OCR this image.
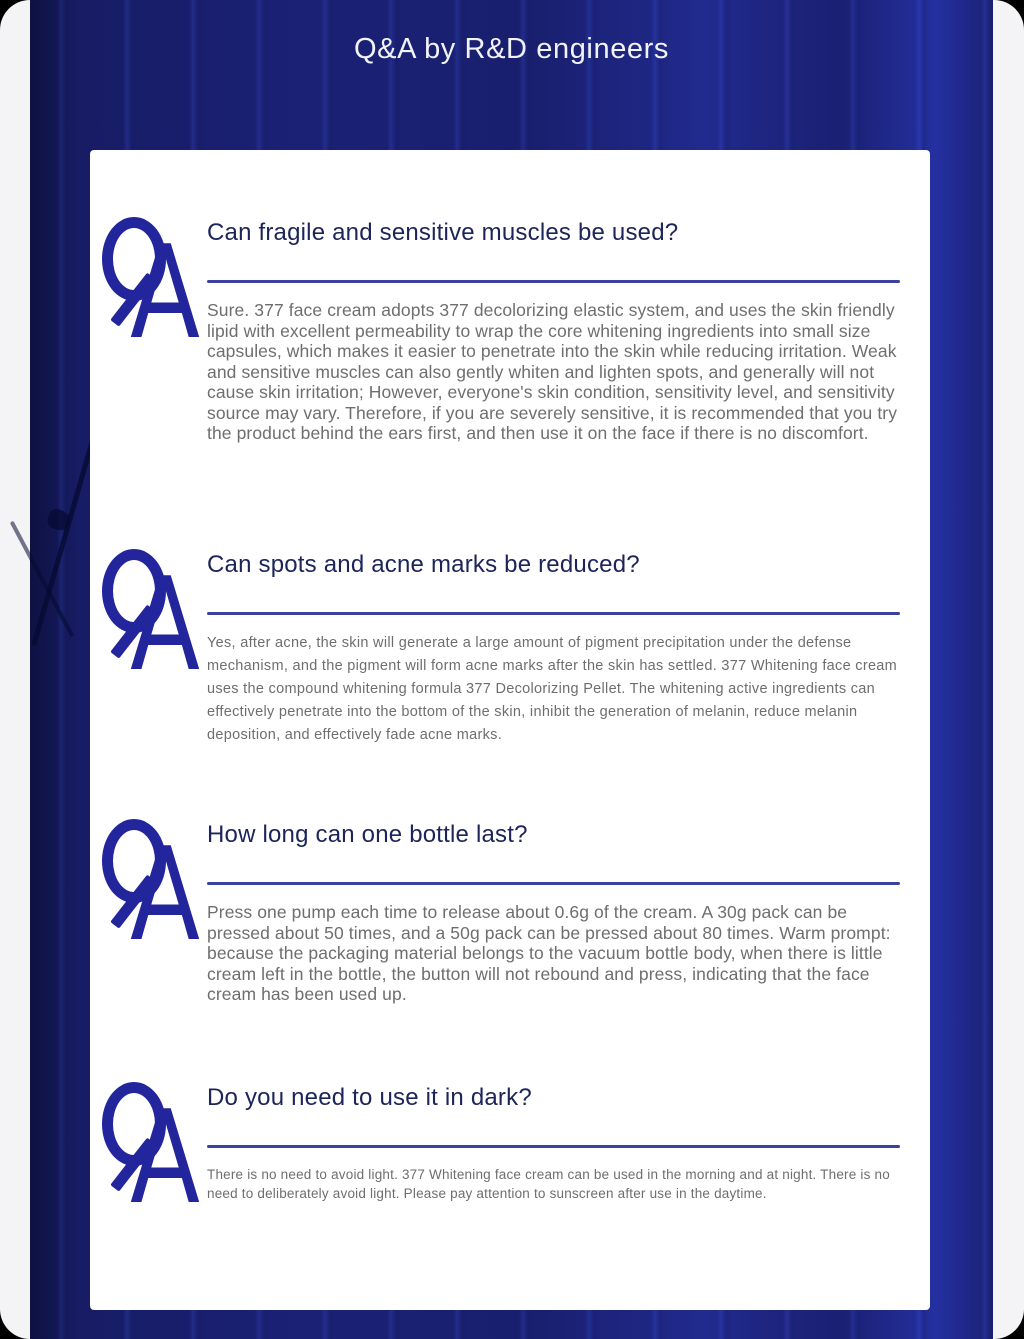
Q&A by R&D engineers
A Can fragile and sensitive muscles be used?
Sure. 377 face cream adopts 377 decolorizing elastic system, and uses the skin friendly lipid with excellent permeability to wrap the core whitening ingredients into small size capsules, which makes it easier to penetrate into the skin while reducing irritation. Weak and sensitive muscles can also gently whiten and lighten spots, and generally will not cause skin irritation; However, everyone's skin condition, sensitivity level, and sensitivity source may vary. Therefore, if you are severely sensitive, it is recommended that you try the product behind the ears first, and then use it on the face if there is no discomfort.
A Can spots and acne marks be reduced?
Yes, after acne, the skin will generate a large amount of pigment precipitation under the defense mechanism, and the pigment will form acne marks after the skin has settled. 377 Whitening face cream uses the compound whitening formula 377 Decolorizing Pellet. The whitening active ingredients can effectively penetrate into the bottom of the skin, inhibit the generation of melanin, reduce melanin deposition, and effectively fade acne marks.
A How long can one bottle last?
Press one pump each time to release about 0.6g of the cream. A 30g pack can be pressed about 50 times, and a 50g pack can be pressed about 80 times. Warm prompt: because the packaging material belongs to the vacuum bottle body, when there is little cream left in the bottle, the button will not rebound and press, indicating that the face cream has been used up.
A Do you need to use it in dark?
There is no need to avoid light. 377 Whitening face cream can be used in the morning and at night. There is no need to deliberately avoid light. Please pay attention to sunscreen after use in the daytime.
